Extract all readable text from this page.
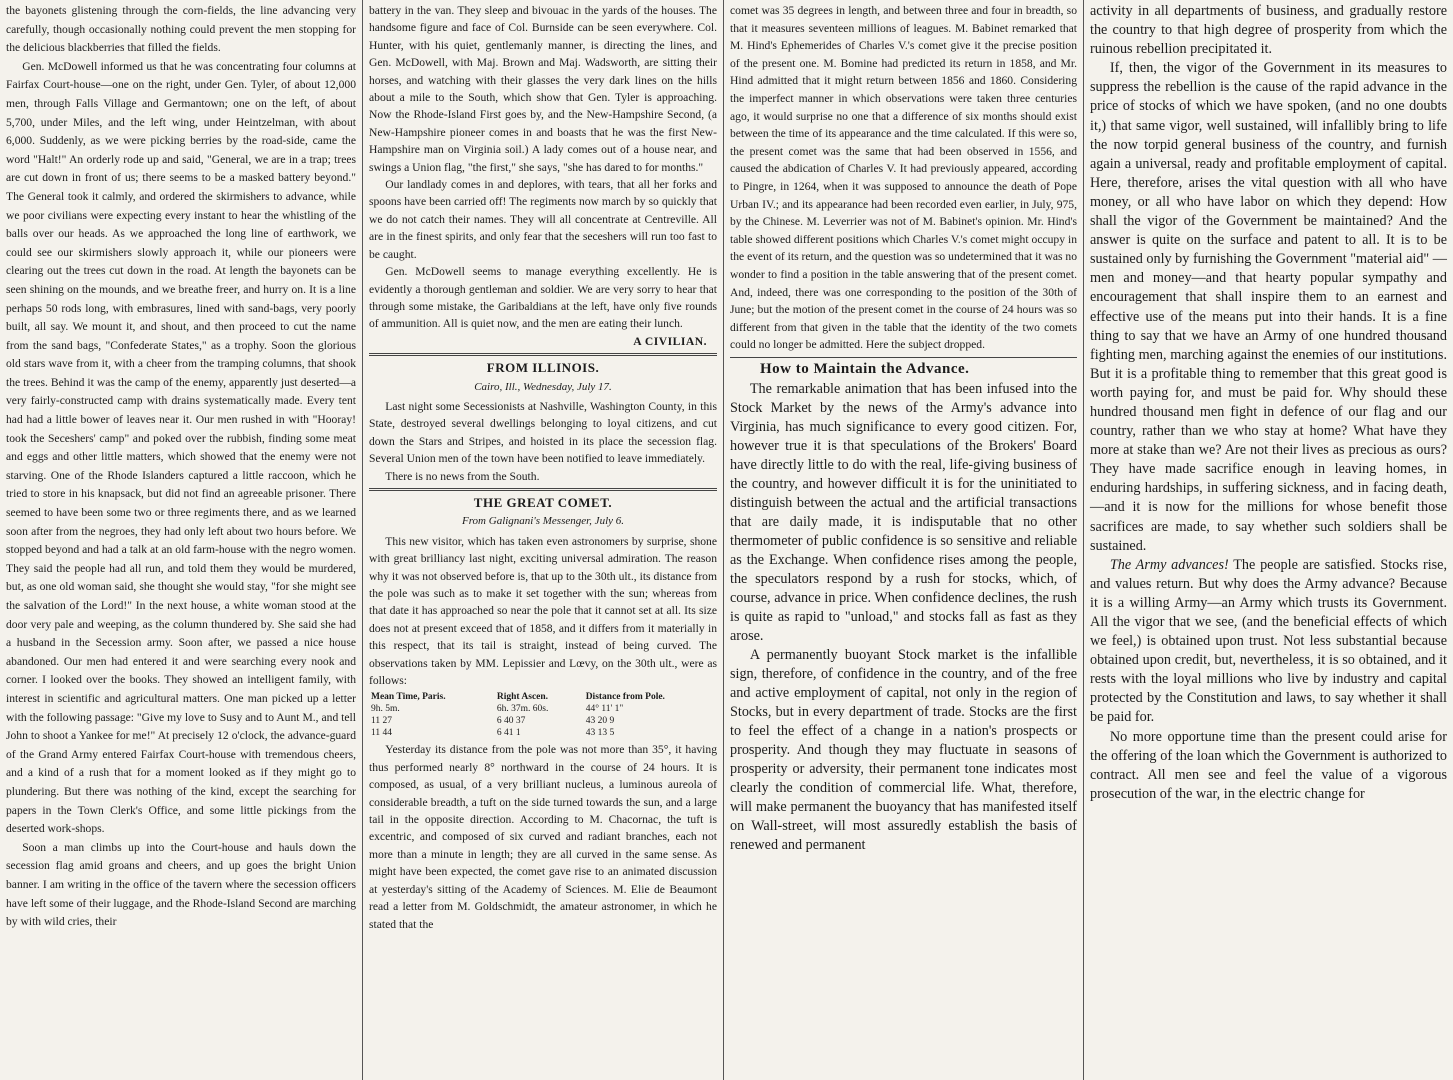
the bayonets glistening through the corn-fields, the line advancing very carefully, though occasionally nothing could prevent the men stopping for the delicious blackberries that filled the fields.

Gen. McDowell informed us that he was concentrating four columns at Fairfax Court-house—one on the right, under Gen. Tyler, of about 12,000 men, through Falls Village and Germantown; one on the left, of about 5,700, under Miles, and the left wing, under Heintzelman, with about 6,000. Suddenly, as we were picking berries by the road-side, came the word "Halt!" An orderly rode up and said, "General, we are in a trap; trees are cut down in front of us; there seems to be a masked battery beyond." The General took it calmly, and ordered the skirmishers to advance, while we poor civilians were expecting every instant to hear the whistling of the balls over our heads. As we approached the long line of earthwork, we could see our skirmishers slowly approach it, while our pioneers were clearing out the trees cut down in the road. At length the bayonets can be seen shining on the mounds, and we breathe freer, and hurry on. It is a line perhaps 50 rods long, with embrasures, lined with sand-bags, very poorly built, all say. We mount it, and shout, and then proceed to cut the name from the sand bags, "Confederate States," as a trophy. Soon the glorious old stars wave from it, with a cheer from the tramping columns, that shook the trees. Behind it was the camp of the enemy, apparently just deserted—a very fairly-constructed camp with drains systematically made. Every tent had had a little bower of leaves near it. Our men rushed in with "Hooray! took the Seceshers' camp" and poked over the rubbish, finding some meat and eggs and other little matters, which showed that the enemy were not starving. One of the Rhode Islanders captured a little raccoon, which he tried to store in his knapsack, but did not find an agreeable prisoner. There seemed to have been some two or three regiments there, and as we learned soon after from the negroes, they had only left about two hours before. We stopped beyond and had a talk at an old farm-house with the negro women. They said the people had all run, and told them they would be murdered, but, as one old woman said, she thought she would stay, "for she might see the salvation of the Lord!" In the next house, a white woman stood at the door very pale and weeping, as the column thundered by. She said she had a husband in the Secession army. Soon after, we passed a nice house abandoned. Our men had entered it and were searching every nook and corner. I looked over the books. They showed an intelligent family, with interest in scientific and agricultural matters. One man picked up a letter with the following passage: "Give my love to Susy and to Aunt M., and tell John to shoot a Yankee for me!" At precisely 12 o'clock, the advance-guard of the Grand Army entered Fairfax Court-house with tremendous cheers, and a kind of a rush that for a moment looked as if they might go to plundering. But there was nothing of the kind, except the searching for papers in the Town Clerk's Office, and some little pickings from the deserted work-shops.

Soon a man climbs up into the Court-house and hauls down the secession flag amid groans and cheers, and up goes the bright Union banner. I am writing in the office of the tavern where the secession officers have left some of their luggage, and the Rhode-Island Second are marching by with wild cries, their

battery in the van. They sleep and bivouac in the yards of the houses. The handsome figure and face of Col. Burnside can be seen everywhere. Col. Hunter, with his quiet, gentlemanly manner, is directing the lines, and Gen. McDowell, with Maj. Brown and Maj. Wadsworth, are sitting their horses, and watching with their glasses the very dark lines on the hills about a mile to the South, which show that Gen. Tyler is approaching. Now the Rhode-Island First goes by, and the New-Hampshire Second, (a New-Hampshire pioneer comes in and boasts that he was the first New-Hampshire man on Virginia soil.) A lady comes out of a house near, and swings a Union flag, "the first," she says, "she has dared to for months."

Our landlady comes in and deplores, with tears, that all her forks and spoons have been carried off! The regiments now march by so quickly that we do not catch their names. They will all concentrate at Centreville. All are in the finest spirits, and only fear that the seceshers will run too fast to be caught.

Gen. McDowell seems to manage everything excellently. He is evidently a thorough gentleman and soldier. We are very sorry to hear that through some mistake, the Garibaldians at the left, have only five rounds of ammunition. All is quiet now, and the men are eating their lunch.

A CIVILIAN.

FROM ILLINOIS.

Cairo, Ill., Wednesday, July 17.

Last night some Secessionists at Nashville, Washington County, in this State, destroyed several dwellings belonging to loyal citizens, and cut down the Stars and Stripes, and hoisted in its place the secession flag. Several Union men of the town have been notified to leave immediately.

There is no news from the South.

THE GREAT COMET.

From Galignani's Messenger, July 6.

This new visitor, which has taken even astronomers by surprise, shone with great brilliancy last night, exciting universal admiration. The reason why it was not observed before is, that up to the 30th ult., its distance from the pole was such as to make it set together with the sun; whereas from that date it has approached so near the pole that it cannot set at all. Its size does not at present exceed that of 1858, and it differs from it materially in this respect, that its tail is straight, instead of being curved. The observations taken by MM. Lepissier and Lœvy, on the 30th ult., were as follows:

Mean Time, Paris.	Right Ascen.	Distance from Pole.
9h. 5m.	6h. 37m. 60s.	44° 11' 1"
11 27	6 40 37	43 20 9
11 44	6 41 1	43 13 5

Yesterday its distance from the pole was not more than 35°, it having thus performed nearly 8° northward in the course of 24 hours. It is composed, as usual, of a very brilliant nucleus, a luminous aureola of considerable breadth, a tuft on the side turned towards the sun, and a large tail in the opposite direction. According to M. Chacornac, the tuft is excentric, and composed of six curved and radiant branches, each not more than a minute in length; they are all curved in the same sense. As might have been expected, the comet gave rise to an animated discussion at yesterday's sitting of the Academy of Sciences. M. Elie de Beaumont read a letter from M. Goldschmidt, the amateur astronomer, in which he stated that the

comet was 35 degrees in length, and between three and four in breadth, so that it measures seventeen millions of leagues. M. Babinet remarked that M. Hind's Ephemerides of Charles V.'s comet give it the precise position of the present one. M. Bomine had predicted its return in 1858, and Mr. Hind admitted that it might return between 1856 and 1860. Considering the imperfect manner in which observations were taken three centuries ago, it would surprise no one that a difference of six months should exist between the time of its appearance and the time calculated. If this were so, the present comet was the same that had been observed in 1556, and caused the abdication of Charles V. It had previously appeared, according to Pingre, in 1264, when it was supposed to announce the death of Pope Urban IV.; and its appearance had been recorded even earlier, in July, 975, by the Chinese. M. Leverrier was not of M. Babinet's opinion. Mr. Hind's table showed different positions which Charles V.'s comet might occupy in the event of its return, and the question was so undetermined that it was no wonder to find a position in the table answering that of the present comet. And, indeed, there was one corresponding to the position of the 30th of June; but the motion of the present comet in the course of 24 hours was so different from that given in the table that the identity of the two comets could no longer be admitted. Here the subject dropped.

How to Maintain the Advance.

The remarkable animation that has been infused into the Stock Market by the news of the Army's advance into Virginia, has much significance to every good citizen. For, however true it is that speculations of the Brokers' Board have directly little to do with the real, life-giving business of the country, and however difficult it is for the uninitiated to distinguish between the actual and the artificial transactions that are daily made, it is indisputable that no other thermometer of public confidence is so sensitive and reliable as the Exchange. When confidence rises among the people, the speculators respond by a rush for stocks, which, of course, advance in price. When confidence declines, the rush is quite as rapid to "unload," and stocks fall as fast as they arose.

A permanently buoyant Stock market is the infallible sign, therefore, of confidence in the country, and of the free and active employment of capital, not only in the region of Stocks, but in every department of trade. Stocks are the first to feel the effect of a change in a nation's prospects or prosperity. And though they may fluctuate in seasons of prosperity or adversity, their permanent tone indicates most clearly the condition of commercial life. What, therefore, will make permanent the buoyancy that has manifested itself on Wall-street, will most assuredly establish the basis of renewed and permanent

activity in all departments of business, and gradually restore the country to that high degree of prosperity from which the ruinous rebellion precipitated it.

If, then, the vigor of the Government in its measures to suppress the rebellion is the cause of the rapid advance in the price of stocks of which we have spoken, (and no one doubts it,) that same vigor, well sustained, will infallibly bring to life the now torpid general business of the country, and furnish again a universal, ready and profitable employment of capital. Here, therefore, arises the vital question with all who have money, or all who have labor on which they depend: How shall the vigor of the Government be maintained? And the answer is quite on the surface and patent to all. It is to be sustained only by furnishing the Government "material aid" —men and money—and that hearty popular sympathy and encouragement that shall inspire them to an earnest and effective use of the means put into their hands. It is a fine thing to say that we have an Army of one hundred thousand fighting men, marching against the enemies of our institutions. But it is a profitable thing to remember that this great good is worth paying for, and must be paid for. Why should these hundred thousand men fight in defence of our flag and our country, rather than we who stay at home? What have they more at stake than we? Are not their lives as precious as ours? They have made sacrifice enough in leaving homes, in enduring hardships, in suffering sickness, and in facing death,—and it is now for the millions for whose benefit those sacrifices are made, to say whether such soldiers shall be sustained.

The Army advances! The people are satisfied. Stocks rise, and values return. But why does the Army advance? Because it is a willing Army—an Army which trusts its Government. All the vigor that we see, (and the beneficial effects of which we feel,) is obtained upon trust. Not less substantial because obtained upon credit, but, nevertheless, it is so obtained, and it rests with the loyal millions who live by industry and capital protected by the Constitution and laws, to say whether it shall be paid for.

No more opportune time than the present could arise for the offering of the loan which the Government is authorized to contract. All men see and feel the value of a vigorous prosecution of the war, in the electric change for
